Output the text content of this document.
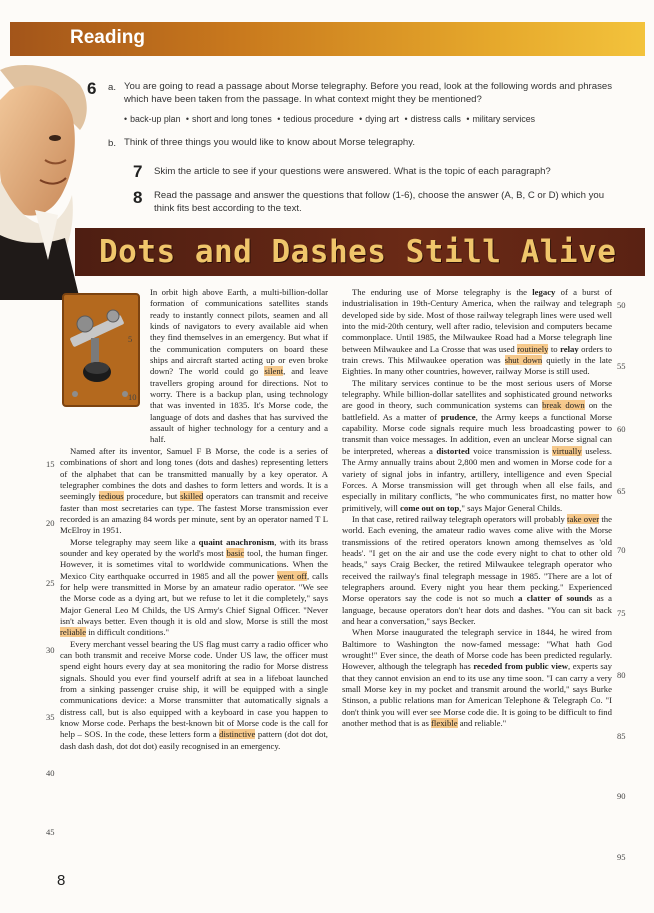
Reading
6 a. You are going to read a passage about Morse telegraphy. Before you read, look at the following words and phrases which have been taken from the passage. In what context might they be mentioned?
• back-up plan • short and long tones • tedious procedure • dying art • distress calls • military services
b. Think of three things you would like to know about Morse telegraphy.
7 Skim the article to see if your questions were answered. What is the topic of each paragraph?
8 Read the passage and answer the questions that follow (1-6), choose the answer (A, B, C or D) which you think fits best according to the text.
Dots and Dashes Still Alive

In orbit high above Earth, a multi-billion-dollar formation of communications satellites stands ready to instantly connect pilots, seamen and all kinds of navigators to every available aid when they find themselves in an emergency. But what if the communication computers on board these ships and aircraft started acting up or even broke down? The world could go silent, and leave travellers groping around for directions. Not to worry. There is a backup plan, using technology that was invented in 1835. It's Morse code, the language of dots and dashes that has survived the assault of higher technology for a century and a half.

Named after its inventor, Samuel F B Morse, the code is a series of combinations of short and long tones (dots and dashes) representing letters of the alphabet that can be transmitted manually by a key operator. A telegrapher combines the dots and dashes to form letters and words. It is a seemingly tedious procedure, but skilled operators can transmit and receive faster than most secretaries can type. The fastest Morse transmission ever recorded is an amazing 84 words per minute, sent by an operator named T L McElroy in 1951.

Morse telegraphy may seem like a quaint anachronism, with its brass sounder and key operated by the world's most basic tool, the human finger. However, it is sometimes vital to worldwide communications. When the Mexico City earthquake occurred in 1985 and all the power went off, calls for help were transmitted in Morse by an amateur radio operator. "We see the Morse code as a dying art, but we refuse to let it die completely," says Major General Leo M Childs, the US Army's Chief Signal Officer. "Never isn't always better. Even though it is old and slow, Morse is still the most reliable in difficult conditions."

Every merchant vessel bearing the US flag must carry a radio officer who can both transmit and receive Morse code. Under US law, the officer must spend eight hours every day at sea monitoring the radio for Morse distress signals. Should you ever find yourself adrift at sea in a lifeboat launched from a sinking passenger cruise ship, it will be equipped with a single communications device: a Morse transmitter that automatically signals a distress call, but is also equipped with a keyboard in case you happen to know Morse code. Perhaps the best-known bit of Morse code is the call for help – SOS. In the code, these letters form a distinctive pattern (dot dot dot, dash dash dash, dot dot dot) easily recognised in an emergency.

The enduring use of Morse telegraphy is the legacy of a burst of industrialisation in 19th-Century America, when the railway and telegraph developed side by side. Most of those railway telegraph lines were used well into the mid-20th century, well after radio, television and computers became commonplace. Until 1985, the Milwaukee Road had a Morse telegraph line between Milwaukee and La Crosse that was used routinely to relay orders to train crews. This Milwaukee operation was shut down quietly in the late Eighties. In many other countries, however, railway Morse is still used.

The military services continue to be the most serious users of Morse telegraphy. While billion-dollar satellites and sophisticated ground networks are good in theory, such communication systems can break down on the battlefield. As a matter of prudence, the Army keeps a functional Morse capability. Morse code signals require much less broadcasting power to transmit than voice messages. In addition, even an unclear Morse signal can be interpreted, whereas a distorted voice transmission is virtually useless. The Army annually trains about 2,800 men and women in Morse code for a variety of signal jobs in infantry, artillery, intelligence and even Special Forces. A Morse transmission will get through when all else fails, and especially in military conflicts, "he who communicates first, no matter how primitively, will come out on top," says Major General Childs.

In that case, retired railway telegraph operators will probably take over the world. Each evening, the amateur radio waves come alive with the Morse transmissions of the retired operators known among themselves as 'old heads'. "I get on the air and use the code every night to chat to other old heads," says Craig Becker, the retired Milwaukee telegraph operator who received the railway's final telegraph message in 1985. "There are a lot of telegraphers around. Every night you hear them pecking." Experienced Morse operators say the code is not so much a clatter of sounds as a language, because operators don't hear dots and dashes. "You can sit back and hear a conversation," says Becker.

When Morse inaugurated the telegraph service in 1844, he wired from Baltimore to Washington the now-famed message: "What hath God wrought!" Ever since, the death of Morse code has been predicted regularly. However, although the telegraph has receded from public view, experts say that they cannot envision an end to its use any time soon. "I can carry a very small Morse key in my pocket and transmit around the world," says Burke Stinson, a public relations man for American Telephone & Telegraph Co. "I don't think you will ever see Morse code die. It is going to be difficult to find another method that is as flexible and reliable."

5
10
15
20
25
30
35
40
45
50
55
60
65
70
75
80
85
90
95
8
